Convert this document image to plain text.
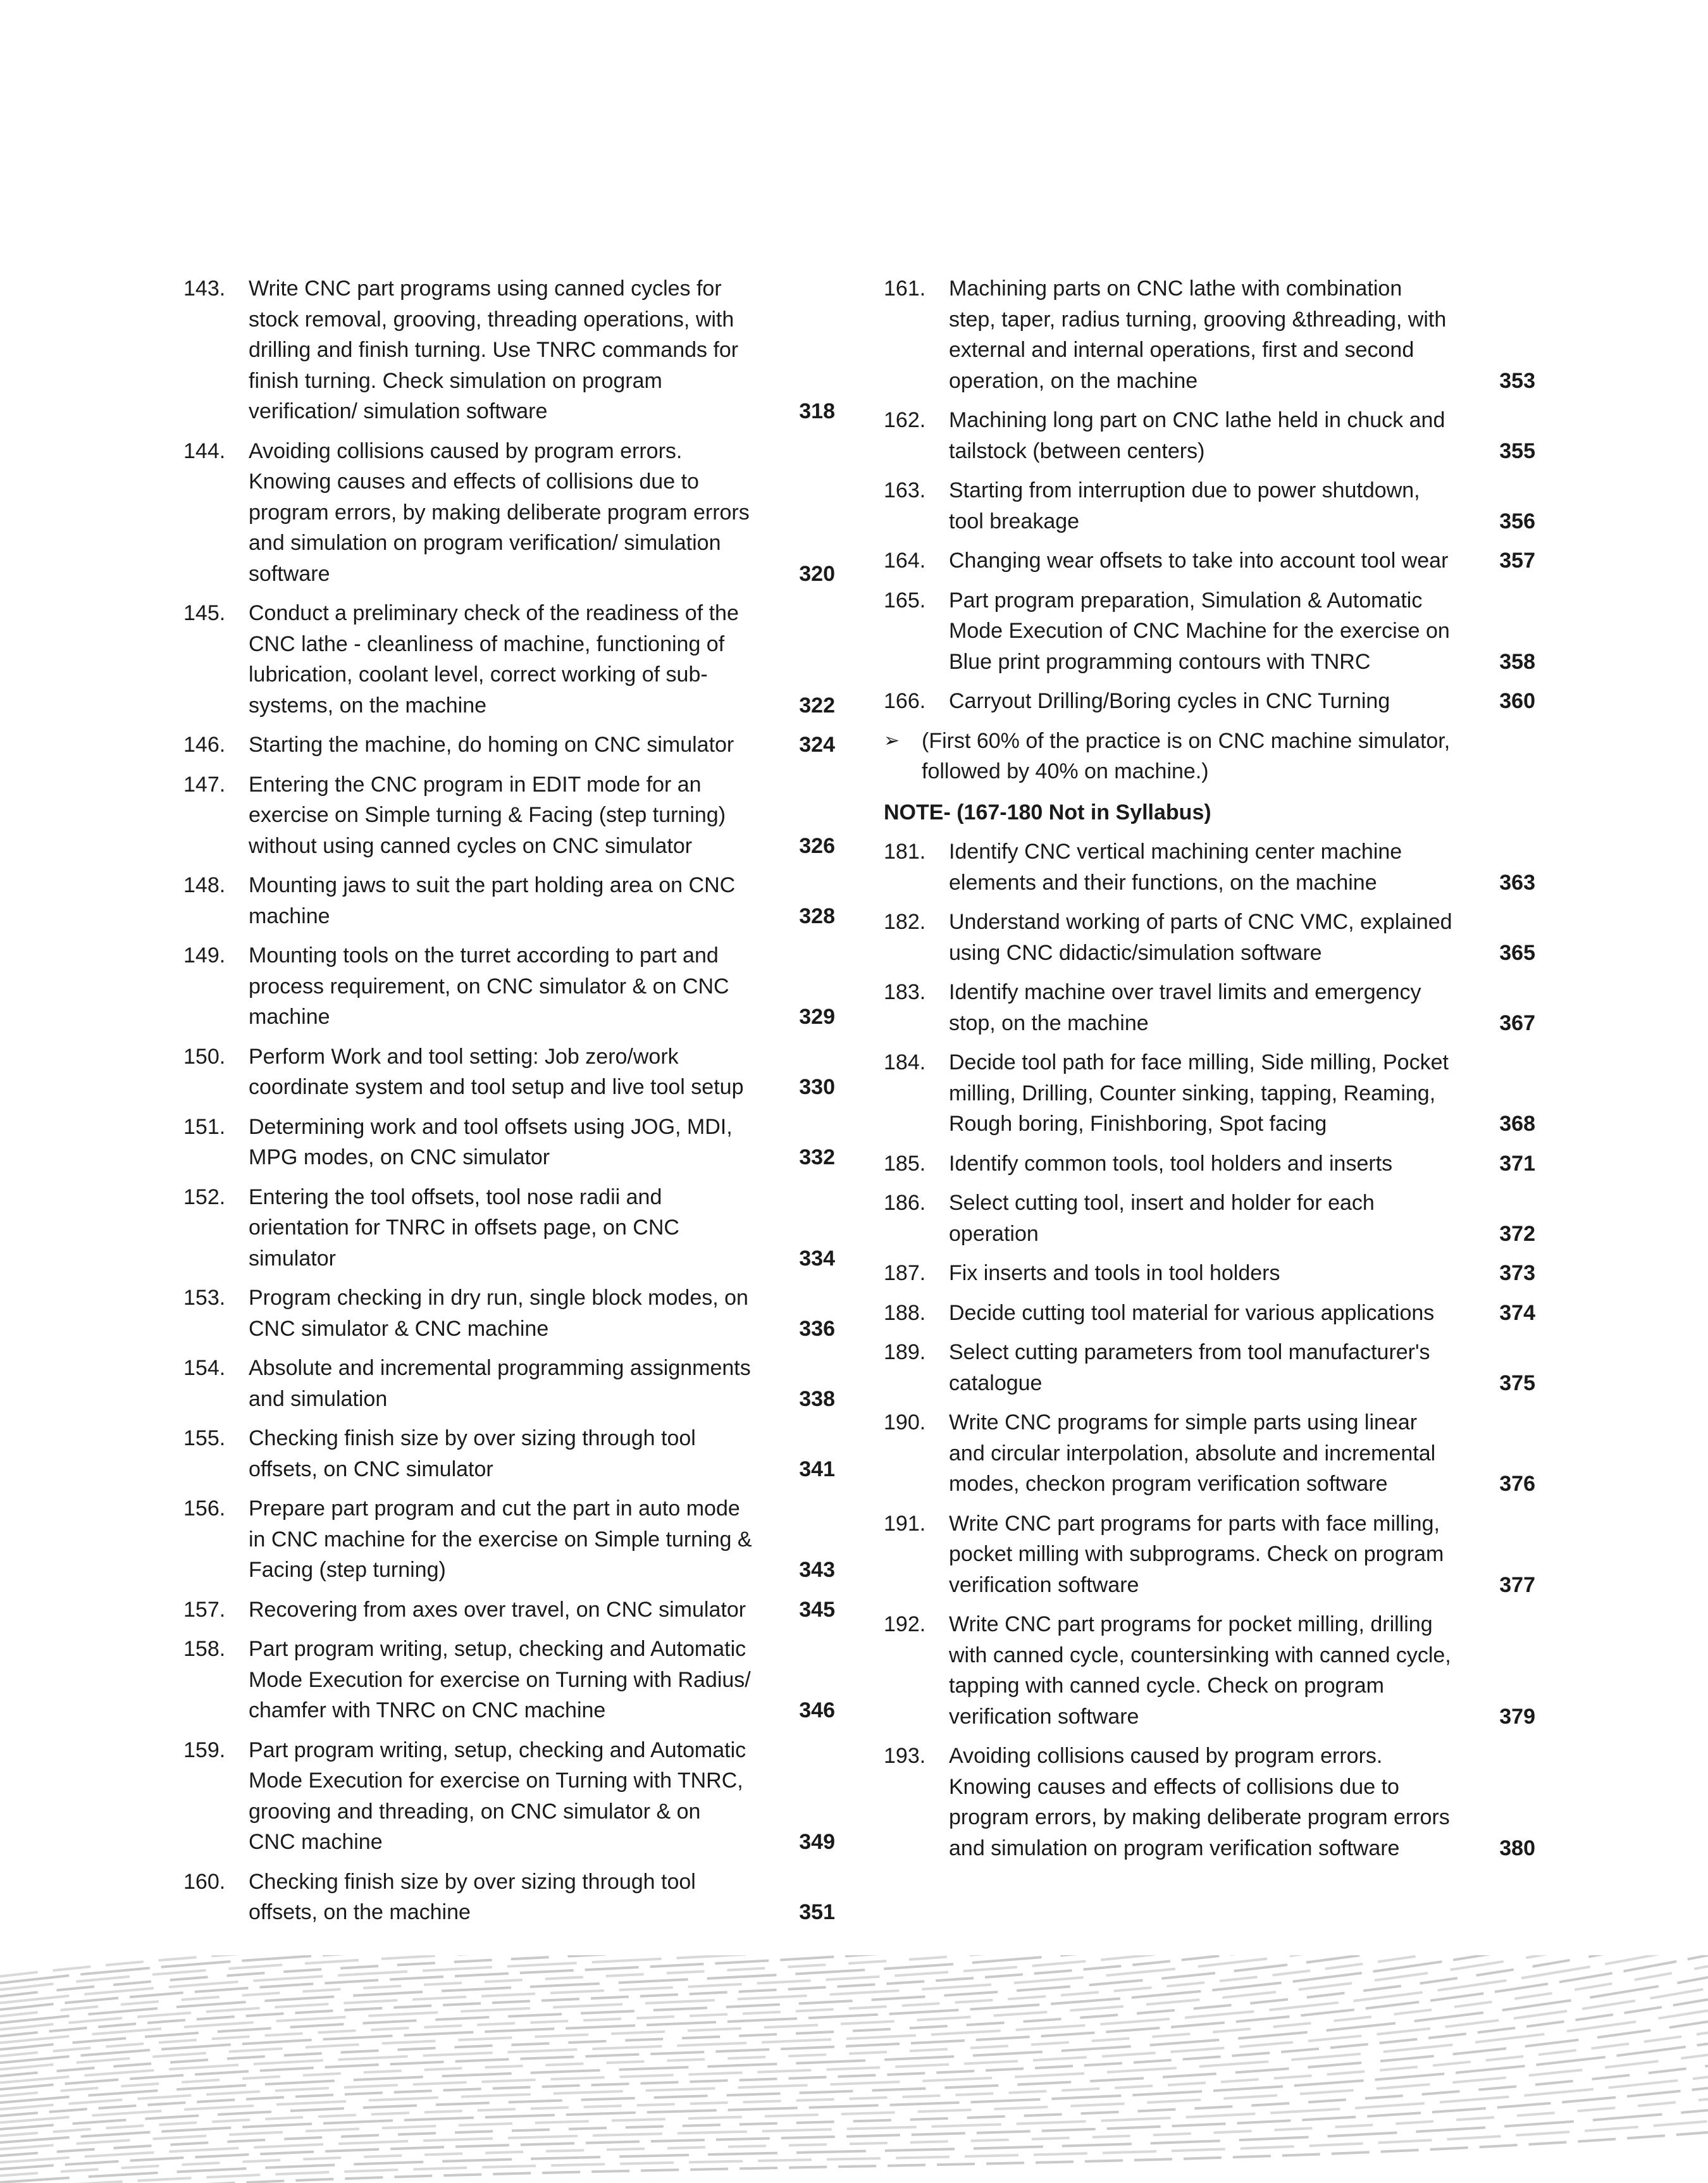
143. Write CNC part programs using canned cycles for stock removal, grooving, threading operations, with drilling and finish turning. Use TNRC commands for finish turning. Check simulation on program verification/ simulation software	318
144. Avoiding collisions caused by program errors. Knowing causes and effects of collisions due to program errors, by making deliberate program errors and simulation on program verification/ simulation software	320
145. Conduct a preliminary check of the readiness of the CNC lathe - cleanliness of machine, functioning of lubrication, coolant level, correct working of sub-systems, on the machine	322
146. Starting the machine, do homing on CNC simulator	324
147. Entering the CNC program in EDIT mode for an exercise on Simple turning & Facing (step turning) without using canned cycles on CNC simulator	326
148. Mounting jaws to suit the part holding area on CNC machine	328
149. Mounting tools on the turret according to part and process requirement, on CNC simulator & on CNC machine	329
150. Perform Work and tool setting: Job zero/work coordinate system and tool setup and live tool setup	330
151. Determining work and tool offsets using JOG, MDI, MPG modes, on CNC simulator	332
152. Entering the tool offsets, tool nose radii and orientation for TNRC in offsets page, on CNC simulator	334
153. Program checking in dry run, single block modes, on CNC simulator & CNC machine	336
154. Absolute and incremental programming assignments and simulation	338
155. Checking finish size by over sizing through tool offsets, on CNC simulator	341
156. Prepare part program and cut the part in auto mode in CNC machine for the exercise on Simple turning & Facing (step turning)	343
157. Recovering from axes over travel, on CNC simulator	345
158. Part program writing, setup, checking and Automatic Mode Execution for exercise on Turning with Radius/ chamfer with TNRC on CNC machine	346
159. Part program writing, setup, checking and Automatic Mode Execution for exercise on Turning with TNRC, grooving and threading, on CNC simulator & on CNC machine	349
160. Checking finish size by over sizing through tool offsets, on the machine	351
161. Machining parts on CNC lathe with combination step, taper, radius turning, grooving &threading, with external and internal operations, first and second operation, on the machine	353
162. Machining long part on CNC lathe held in chuck and tailstock (between centers)	355
163. Starting from interruption due to power shutdown, tool breakage	356
164. Changing wear offsets to take into account tool wear	357
165. Part program preparation, Simulation & Automatic Mode Execution of CNC Machine for the exercise on Blue print programming contours with TNRC	358
166. Carryout Drilling/Boring cycles in CNC Turning	360
➢ (First 60% of the practice is on CNC machine simulator, followed by 40% on machine.)
NOTE- (167-180 Not in Syllabus)
181. Identify CNC vertical machining center machine elements and their functions, on the machine	363
182. Understand working of parts of CNC VMC, explained using CNC didactic/simulation software	365
183. Identify machine over travel limits and emergency stop, on the machine	367
184. Decide tool path for face milling, Side milling, Pocket milling, Drilling, Counter sinking, tapping, Reaming, Rough boring, Finishboring, Spot facing	368
185. Identify common tools, tool holders and inserts	371
186. Select cutting tool, insert and holder for each operation	372
187. Fix inserts and tools in tool holders	373
188. Decide cutting tool material for various applications	374
189. Select cutting parameters from tool manufacturer's catalogue	375
190. Write CNC programs for simple parts using linear and circular interpolation, absolute and incremental modes, checkon program verification software	376
191. Write CNC part programs for parts with face milling, pocket milling with subprograms. Check on program verification software	377
192. Write CNC part programs for pocket milling, drilling with canned cycle, countersinking with canned cycle, tapping with canned cycle. Check on program verification software	379
193. Avoiding collisions caused by program errors. Knowing causes and effects of collisions due to program errors, by making deliberate program errors and simulation on program verification software	380
